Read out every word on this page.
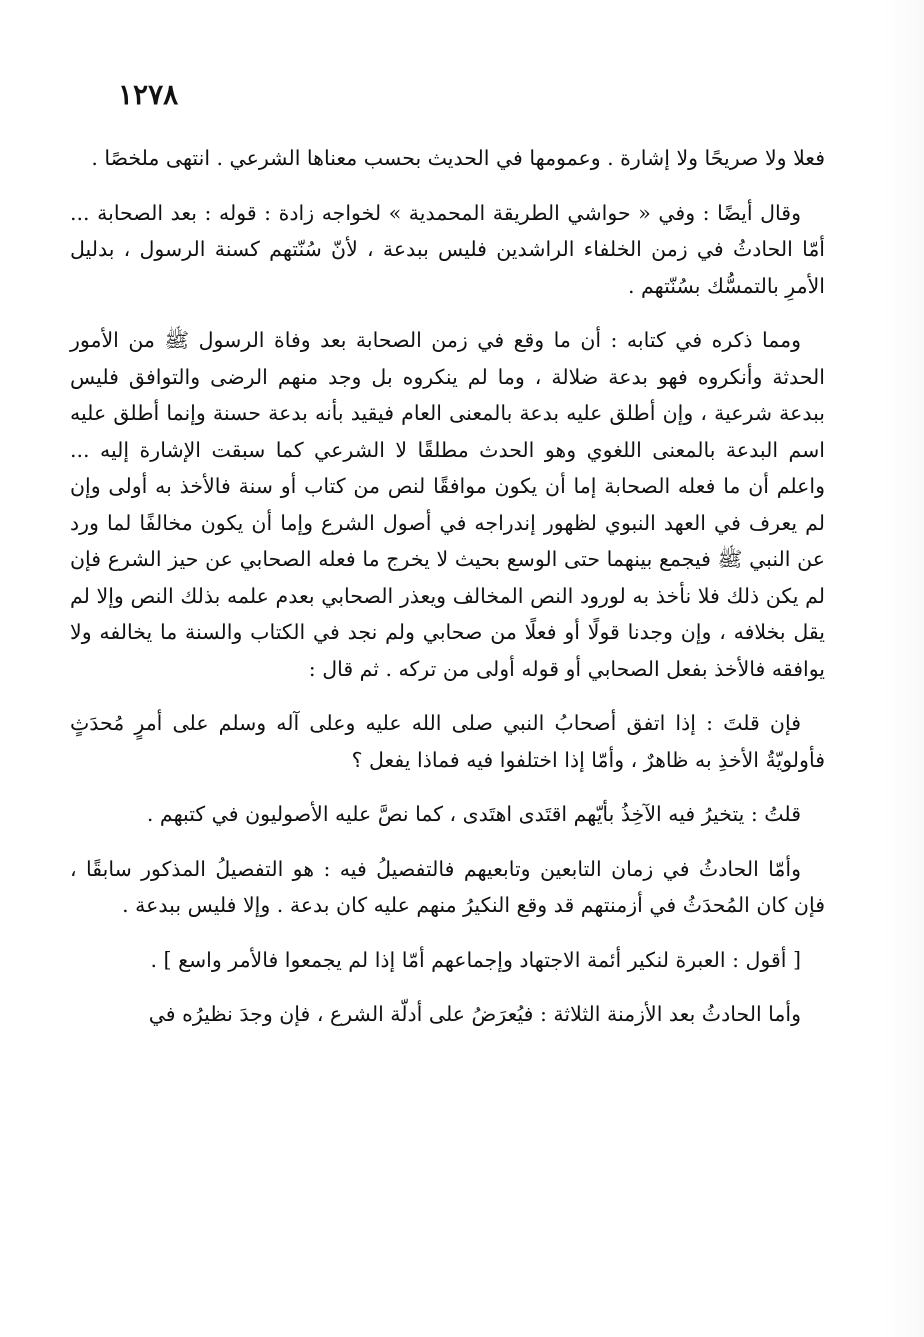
١٢٧٨

فعلا ولا صريحًا ولا إشارة . وعمومها في الحديث بحسب معناها الشرعي . انتهى ملخصًا .

وقال أيضًا : وفي « حواشي الطريقة المحمدية » لخواجه زادة : قوله : بعد الصحابة ... أمّا الحادثُ في زمن الخلفاء الراشدين فليس ببدعة ، لأنّ سُنّتهم كسنة الرسول ، بدليل الأمرِ بالتمسُّك بسُنّتهم .

ومما ذكره في كتابه : أن ما وقع في زمن الصحابة بعد وفاة الرسول ﷺ من الأمور الحدثة وأنكروه فهو بدعة ضلالة ، وما لم ينكروه بل وجد منهم الرضى والتوافق فليس ببدعة شرعية ، وإن أطلق عليه بدعة بالمعنى العام فيقيد بأنه بدعة حسنة وإنما أطلق عليه اسم البدعة بالمعنى اللغوي وهو الحدث مطلقًا لا الشرعي كما سبقت الإشارة إليه ... واعلم أن ما فعله الصحابة إما أن يكون موافقًا لنص من كتاب أو سنة فالأخذ به أولى وإن لم يعرف في العهد النبوي لظهور إندراجه في أصول الشرع وإما أن يكون مخالفًا لما ورد عن النبي ﷺ فيجمع بينهما حتى الوسع بحيث لا يخرج ما فعله الصحابي عن حيز الشرع فإن لم يكن ذلك فلا نأخذ به لورود النص المخالف ويعذر الصحابي بعدم علمه بذلك النص وإلا لم يقل بخلافه ، وإن وجدنا قولًا أو فعلًا من صحابي ولم نجد في الكتاب والسنة ما يخالفه ولا يوافقه فالأخذ بفعل الصحابي أو قوله أولى من تركه . ثم قال :

فإن قلتَ : إذا اتفق أصحابُ النبي صلى الله عليه وعلى آله وسلم على أمرٍ مُحدَثٍ فأولويّةُ الأخذِ به ظاهرٌ ، وأمّا إذا اختلفوا فيه فماذا يفعل ؟

قلتُ : يتخيرُ فيه الآخِذُ بأيّهم اقتَدى اهتَدى ، كما نصَّ عليه الأصوليون في كتبهم .

وأمّا الحادثُ في زمان التابعين وتابعيهم فالتفصيلُ فيه : هو التفصيلُ المذكور سابقًا ، فإن كان المُحدَثُ في أزمنتهم قد وقع النكيرُ منهم عليه كان بدعة . وإلا فليس ببدعة .

[ أقول : العبرة لنكير أئمة الاجتهاد وإجماعهم أمّا إذا لم يجمعوا فالأمر واسع ] .

وأما الحادثُ بعد الأزمنة الثلاثة : فيُعرَضُ على أدلّة الشرع ، فإن وجدَ نظيرُه في
